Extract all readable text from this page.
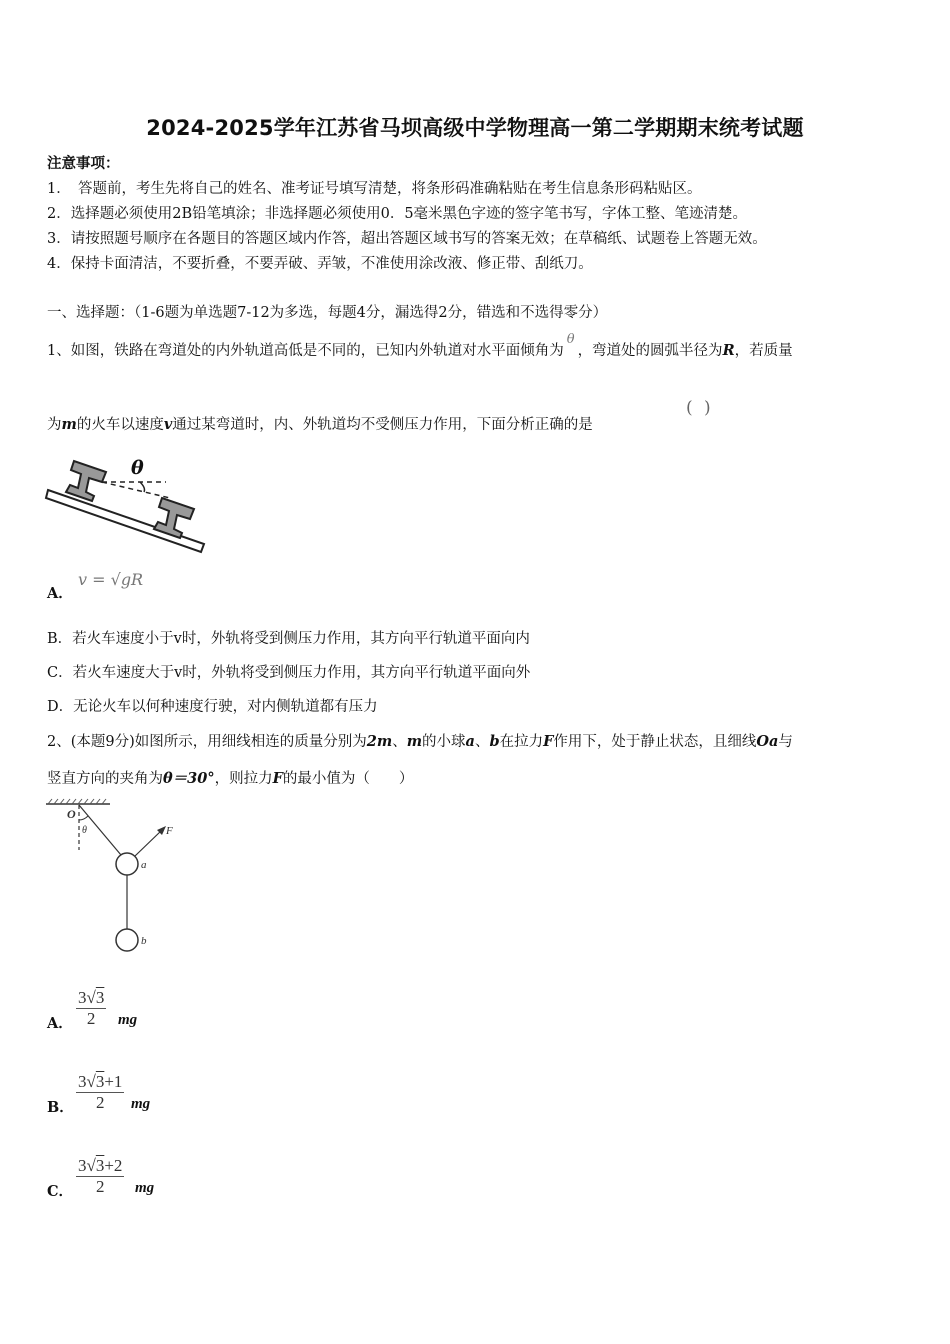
2024-2025学年江苏省马坝高级中学物理高一第二学期期末统考试题
注意事项：
1．　答题前，考生先将自己的姓名、准考证号填写清楚，将条形码准确粘贴在考生信息条形码粘贴区。
2．选择题必须使用2B铅笔填涂；非选择题必须使用0．5毫米黑色字迹的签字笔书写，字体工整、笔迹清楚。
3．请按照题号顺序在各题目的答题区域内作答，超出答题区域书写的答案无效；在草稿纸、试题卷上答题无效。
4．保持卡面清洁，不要折叠，不要弄破、弄皱，不准使用涂改液、修正带、刮纸刀。
一、选择题：（1-6题为单选题7-12为多选，每题4分，漏选得2分，错选和不选得零分）
1、如图，铁路在弯道处的内外轨道高低是不同的，已知内外轨道对水平面倾角为θ，弯道处的圆弧半径为R，若质量
为m的火车以速度v通过某弯道时，内、外轨道均不受侧压力作用，下面分析正确的是
( )
θ
A．
v = √gR
B．若火车速度小于v时，外轨将受到侧压力作用，其方向平行轨道平面向内
C．若火车速度大于v时，外轨将受到侧压力作用，其方向平行轨道平面向外
D．无论火车以何种速度行驶，对内侧轨道都有压力
2、(本题9分)如图所示，用细线相连的质量分别为2m、m的小球a、b在拉力F作用下，处于静止状态，且细线Oa与
竖直方向的夹角为θ＝30°，则拉力F的最小值为（　　）
O
θ	F
a
b
A．
3√3
2 mg
B．
3√3+1
2 mg
C．
3√3+2
2 mg
